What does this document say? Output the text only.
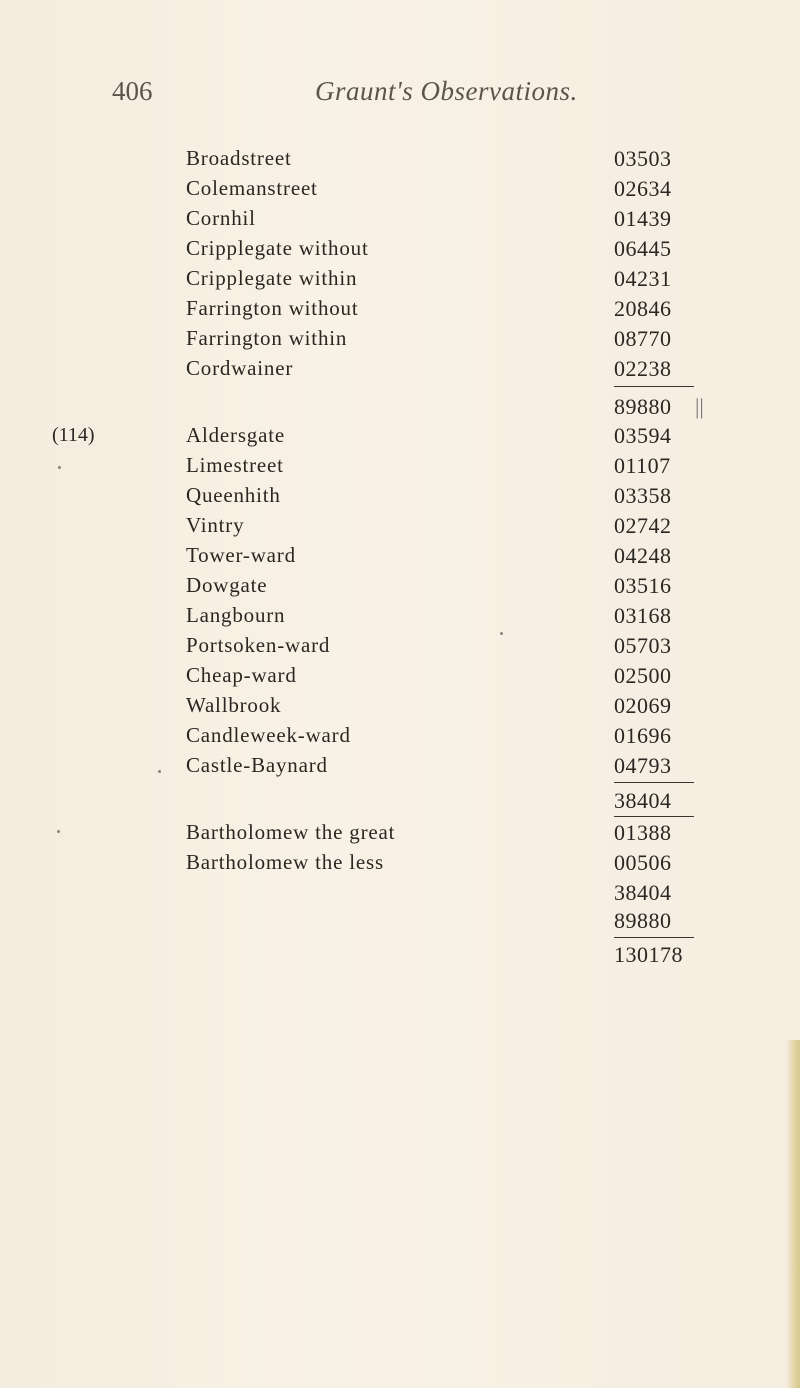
406	Graunt's Observations.
Broadstreet	03503
Colemanstreet	02634
Cornhil	01439
Cripplegate without	06445
Cripplegate within	04231
Farrington without	20846
Farrington within	08770
Cordwainer	02238
89880 ||
(114)	Aldersgate	03594
Limestreet	01107
Queenhith	03358
Vintry	02742
Tower-ward	04248
Dowgate	03516
Langbourn	03168
Portsoken-ward	05703
Cheap-ward	02500
Wallbrook	02069
Candleweek-ward	01696
Castle-Baynard	04793
38404
Bartholomew the great	01388
Bartholomew the less	00506
38404
89880
130178
